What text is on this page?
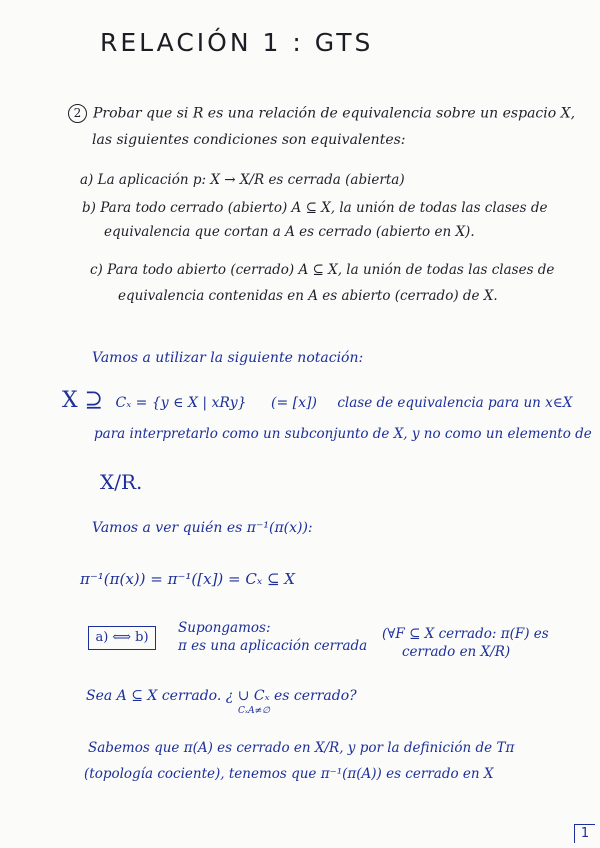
RELACIÓN 1 : GTS
2 Probar que si R es una relación de equivalencia sobre un espacio X,
las siguientes condiciones son equivalentes:
a) La aplicación p: X → X/R es cerrada (abierta)
b) Para todo cerrado (abierto) A ⊆ X, la unión de todas las clases de
equivalencia que cortan a A es cerrado (abierto en X).
c) Para todo abierto (cerrado) A ⊆ X, la unión de todas las clases de
equivalencia contenidas en A es abierto (cerrado) de X.
Vamos a utilizar la siguiente notación:
X ⊇ Cₓ = {y ∈ X | xRy} (= [x]) clase de equivalencia para un x∈X
para interpretarlo como un subconjunto de X, y no como un elemento de
X/R.
Vamos a ver quién es π⁻¹(π(x)):
π⁻¹(π(x)) = π⁻¹([x]) = Cₓ ⊆ X
a) ⟺ b)
Supongamos:
π es una aplicación cerrada
(∀F ⊆ X cerrado: π(F) es
cerrado en X/R)
Sea A ⊆ X cerrado. ¿ ∪ Cₓ es cerrado?
CₓA≠∅
Sabemos que π(A) es cerrado en X/R, y por la definición de Tπ
(topología cociente), tenemos que π⁻¹(π(A)) es cerrado en X
1
